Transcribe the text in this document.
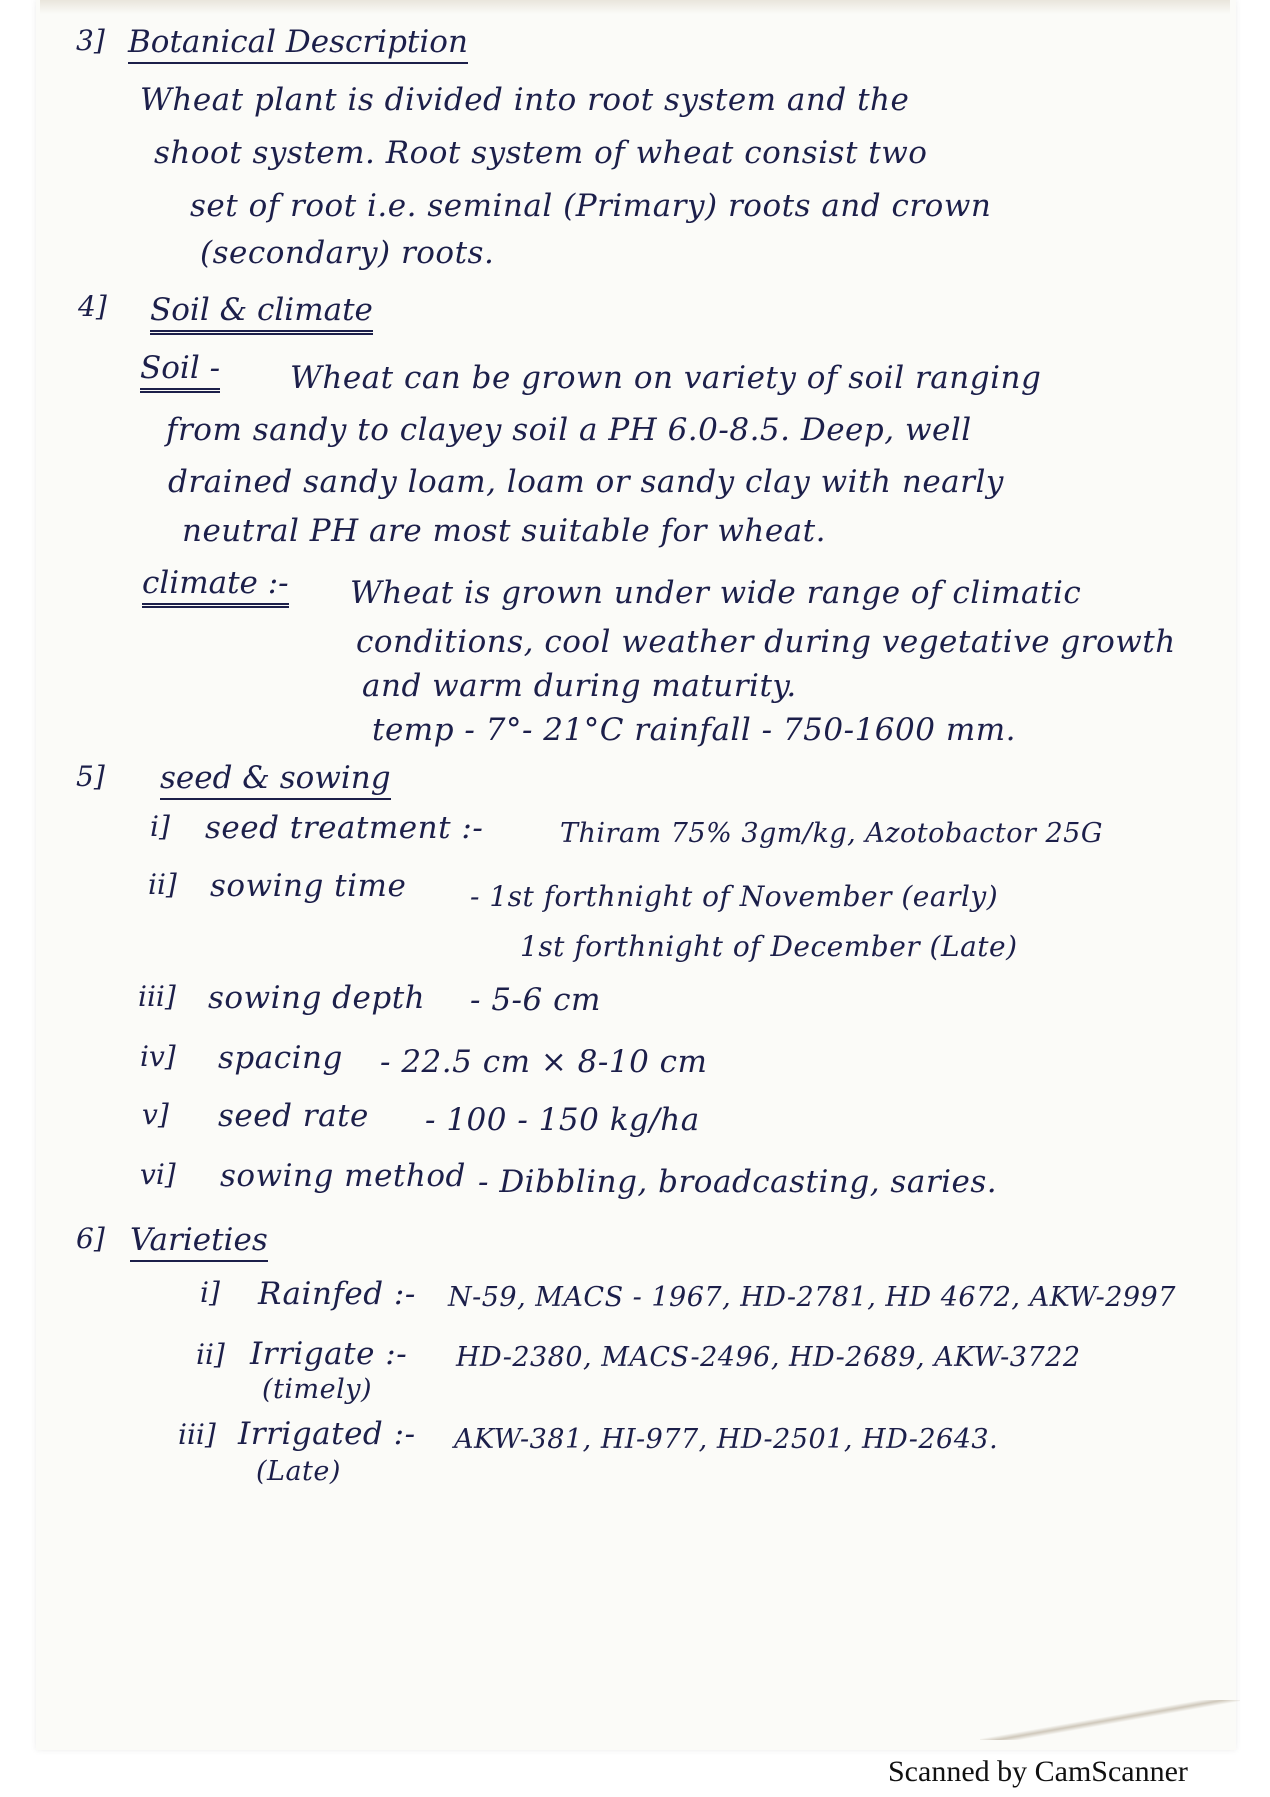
3] Botanical Description
Wheat plant is divided into root system and the
shoot system. Root system of wheat consist two
set of root i.e. seminal (Primary) roots and crown
(secondary) roots.
4] Soil & climate
Soil - Wheat can be grown on variety of soil ranging
from sandy to clayey soil a PH 6.0-8.5. Deep, well
drained sandy loam, loam or sandy clay with nearly
neutral PH are most suitable for wheat.
climate :- Wheat is grown under wide range of climatic
conditions, cool weather during vegetative growth
and warm during maturity.
temp - 7°- 21°C rainfall - 750-1600 mm.
5] seed & sowing
i] seed treatment :-	Thiram 75% 3gm/kg, Azotobactor 25G
ii] sowing time - 1st forthnight of November (early)
1st forthnight of December (Late)
iii] sowing depth - 5-6 cm
iv] spacing - 22.5 cm × 8-10 cm
v] seed rate - 100 - 150 kg/ha
vi] sowing method - Dibbling, broadcasting, saries.
6] Varieties
i] Rainfed :- N-59, MACS - 1967, HD-2781, HD 4672, AKW-2997
ii] Irrigate :-
(timely)
HD-2380, MACS-2496, HD-2689, AKW-3722
iii] Irrigated :-
(Late)
AKW-381, HI-977, HD-2501, HD-2643.
Scanned by CamScanner
